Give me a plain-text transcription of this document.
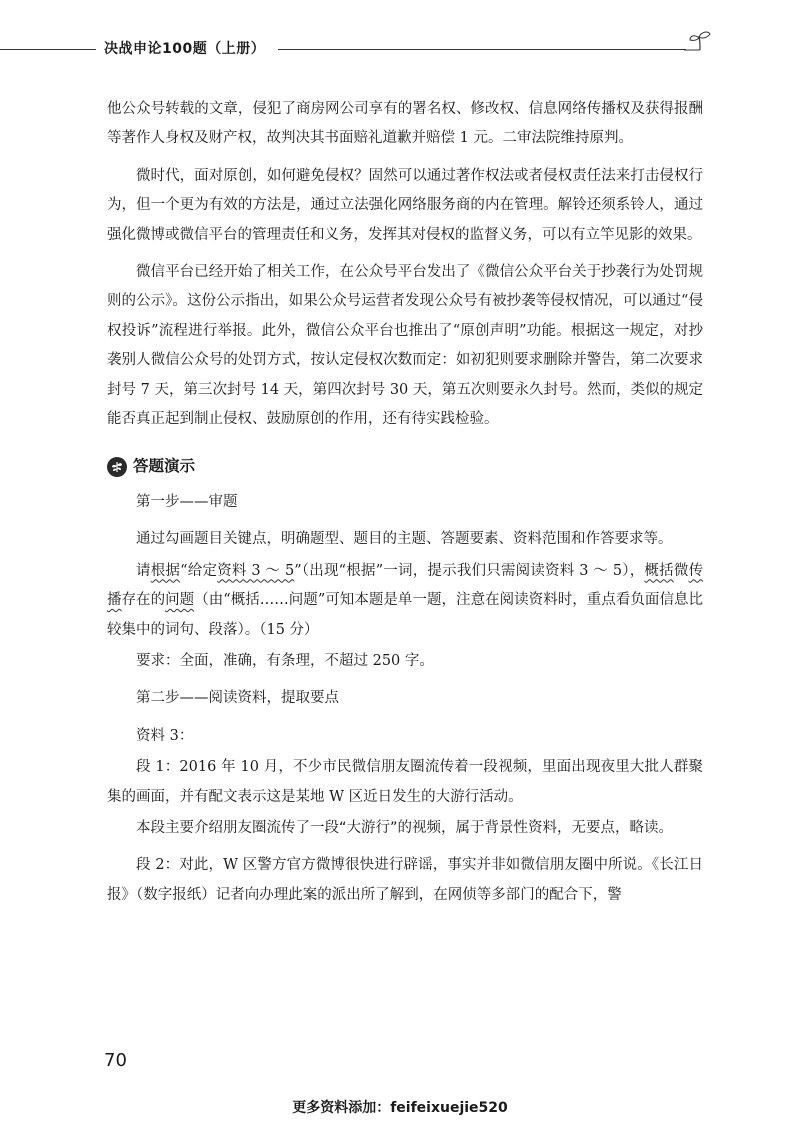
决战申论100题（上册）

他公众号转载的文章，侵犯了商房网公司享有的署名权、修改权、信息网络传播权及获得报酬等著作人身权及财产权，故判决其书面赔礼道歉并赔偿 1 元。二审法院维持原判。

微时代，面对原创，如何避免侵权？固然可以通过著作权法或者侵权责任法来打击侵权行为，但一个更为有效的方法是，通过立法强化网络服务商的内在管理。解铃还须系铃人，通过强化微博或微信平台的管理责任和义务，发挥其对侵权的监督义务，可以有立竿见影的效果。

微信平台已经开始了相关工作，在公众号平台发出了《微信公众平台关于抄袭行为处罚规则的公示》。这份公示指出，如果公众号运营者发现公众号有被抄袭等侵权情况，可以通过“侵权投诉”流程进行举报。此外，微信公众平台也推出了“原创声明”功能。根据这一规定，对抄袭别人微信公众号的处罚方式，按认定侵权次数而定：如初犯则要求删除并警告，第二次要求封号 7 天，第三次封号 14 天，第四次封号 30 天，第五次则要永久封号。然而，类似的规定能否真正起到制止侵权、鼓励原创的作用，还有待实践检验。

答题演示

第一步——审题

通过勾画题目关键点，明确题型、题目的主题、答题要素、资料范围和作答要求等。

请根据“给定资料 3 ～ 5”（出现“根据”一词，提示我们只需阅读资料 3 ～ 5），概括微传播存在的问题（由“概括……问题”可知本题是单一题，注意在阅读资料时，重点看负面信息比较集中的词句、段落）。（15 分）

要求：全面，准确，有条理，不超过 250 字。

第二步——阅读资料，提取要点

资料 3：

段 1：2016 年 10 月，不少市民微信朋友圈流传着一段视频，里面出现夜里大批人群聚集的画面，并有配文表示这是某地 W 区近日发生的大游行活动。

本段主要介绍朋友圈流传了一段“大游行”的视频，属于背景性资料，无要点，略读。

段 2：对此，W 区警方官方微博很快进行辟谣，事实并非如微信朋友圈中所说。《长江日报》（数字报纸）记者向办理此案的派出所了解到，在网侦等多部门的配合下，警

70
更多资料添加：feifeixuejie520
